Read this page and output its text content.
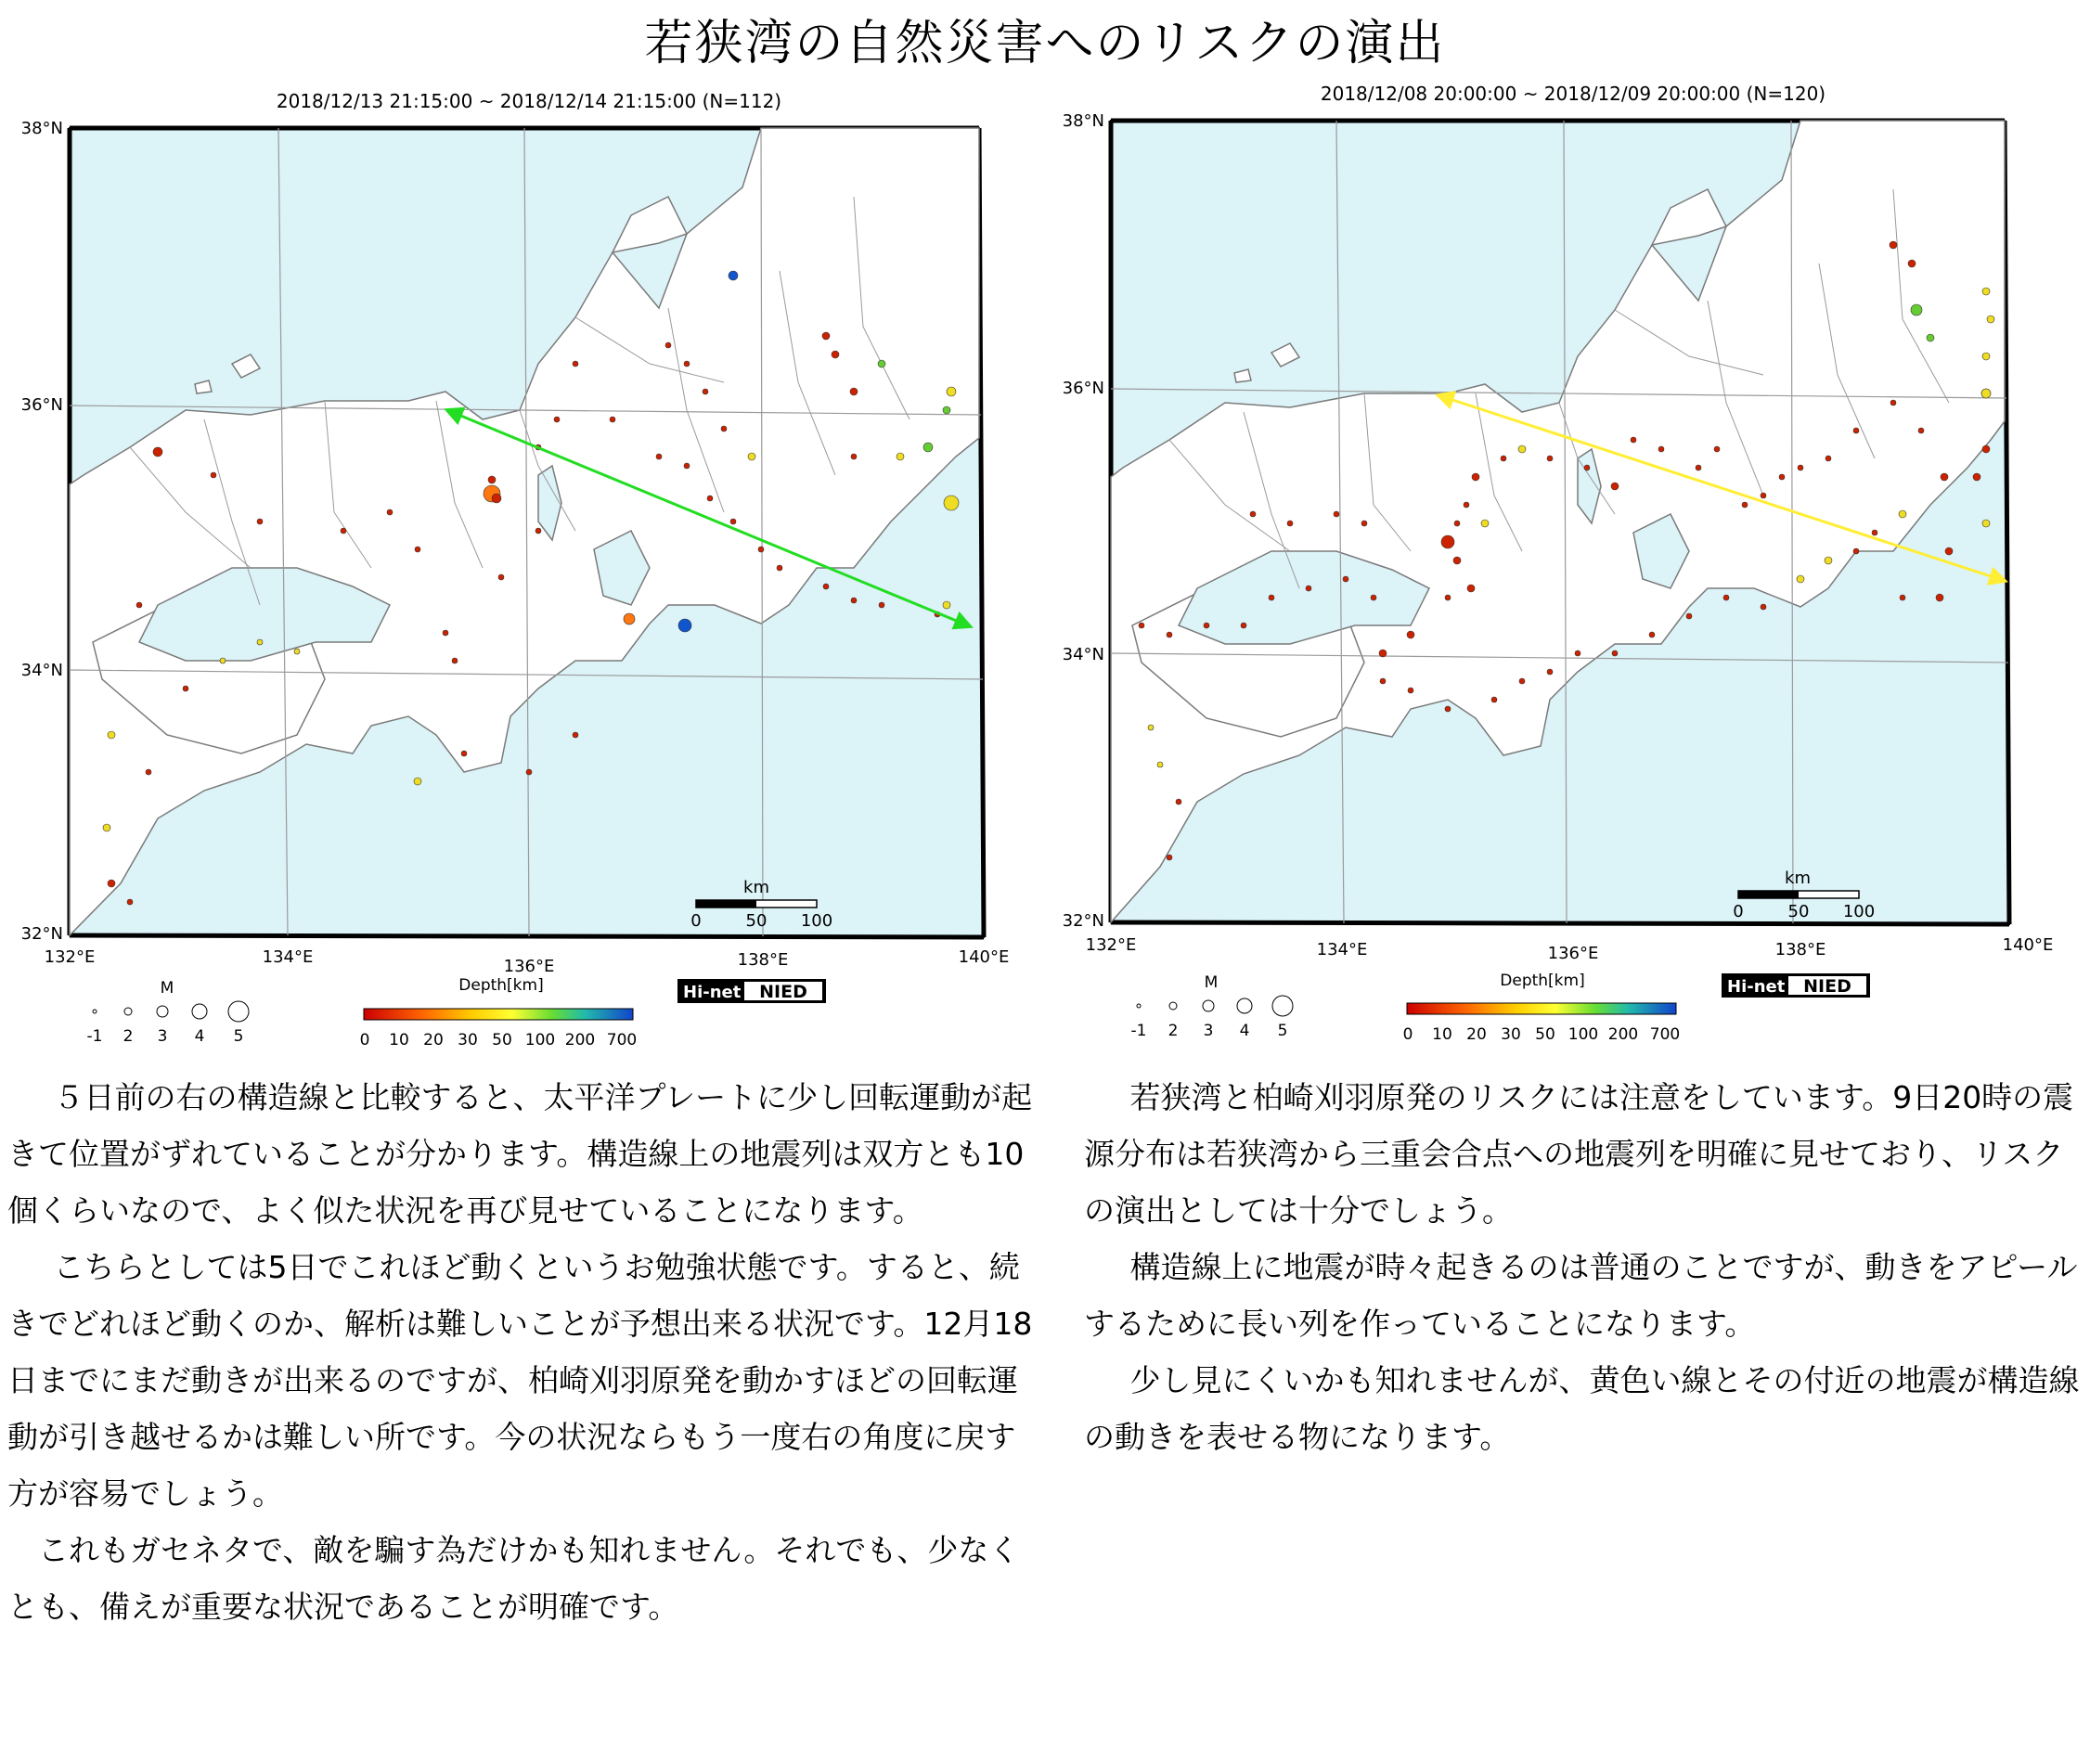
若狭湾の自然災害へのリスクの演出
2018/12/13 21:15:00 ~ 2018/12/14 21:15:00 (N=112)
38°N
36°N
34°N
32°N
132°E	134°E	136°E	138°E	140°E
km
0	50 100
M
-1 2 3 4 5
Depth[km]
0 10 20 30 50 100 200 700
Hi-net NIED
2018/12/08 20:00:00 ~ 2018/12/09 20:00:00 (N=120)
38°N
36°N
34°N
32°N
132°E	134°E	136°E	138°E	140°E
km
0	50 100
M
-1 2 3 4 5
Depth[km]
0 10 20 30 50 100 200 700
Hi-net NIED

５日前の右の構造線と比較すると、太平洋プレートに少し回転運動が起きて位置がずれていることが分かります。構造線上の地震列は双方とも10個くらいなので、よく似た状況を再び見せていることになります。

こちらとしては5日でこれほど動くというお勉強状態です。すると、続きでどれほど動くのか、解析は難しいことが予想出来る状況です。12月18日までにまだ動きが出来るのですが、柏崎刈羽原発を動かすほどの回転運動が引き越せるかは難しい所です。今の状況ならもう一度右の角度に戻す方が容易でしょう。

これもガセネタで、敵を騙す為だけかも知れません。それでも、少なくとも、備えが重要な状況であることが明確です。

若狭湾と柏崎刈羽原発のリスクには注意をしています。9日20時の震源分布は若狭湾から三重会合点への地震列を明確に見せており、リスクの演出としては十分でしょう。

構造線上に地震が時々起きるのは普通のことですが、動きをアピールするために長い列を作っていることになります。

少し見にくいかも知れませんが、黄色い線とその付近の地震が構造線の動きを表せる物になります。
